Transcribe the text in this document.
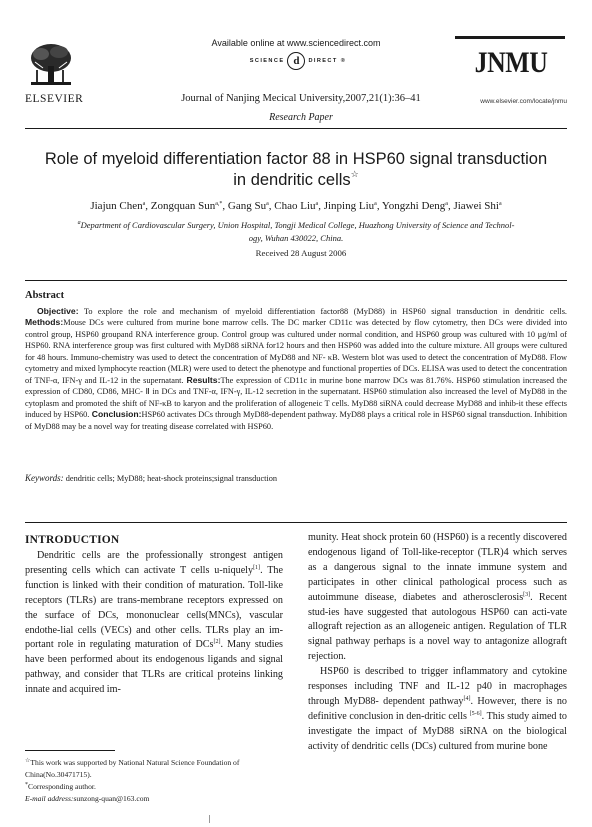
ELSEVIER
Available online at www.sciencedirect.com
SCIENCE d DIRECT ®
Journal of Nanjing Mecical University,2007,21(1):36–41
Research Paper
JNMU
www.elsevier.com/locate/jnmu
Role of myeloid differentiation factor 88 in HSP60 signal transduction
in dendritic cells☆
Jiajun Chen$^a$, Zongquan Sun$^{a,*}$, Gang Su$^a$, Chao Liu$^a$, Jinping Liu$^a$, Yongzhi Deng$^a$, Jiawei Shi$^a$
$^a$Department of Cardiovascular Surgery, Union Hospital, Tongji Medical College, Huazhong University of Science and Technol-
ogy, Wuhan 430022, China.
Received 28 August 2006
Abstract
Objective: To explore the role and mechanism of myeloid differentiation factor88 (MyD88) in HSP60 signal transduction in dendritic cells. Methods:Mouse DCs were cultured from murine bone marrow cells. The DC marker CD11c was detected by flow cytometry, then DCs were divided into control group, HSP60 groupand RNA interference group. Control group was cultured under normal condition, and HSP60 group was cultured with 10 μg/ml of HSP60. RNA interference group was first cultured with MyD88 siRNA for12 hours and then HSP60 was added into the culture mixture. All groups were cultured for 48 hours. Immuno-chemistry was used to detect the concentration of MyD88 and NF- κB. Western blot was used to detect the concentration of MyD88. Flow cytometry and mixed lymphocyte reaction (MLR) were used to detect the phenotype and functional properties of DCs. ELISA was used to detect the concentration of TNF-α, IFN-γ and IL-12 in the supernatant. Results:The expression of CD11c in murine bone marrow DCs was 81.76%. HSP60 stimulation increased the expression of CD80, CD86, MHC- Ⅱ in DCs and TNF-α, IFN-γ, IL-12 secretion in the supernatant. HSP60 stimulation also increased the level of MyD88 in the cytoplasm and promoted the shift of NF-κB to karyon and the proliferation of allogeneic T cells. MyD88 siRNA could decrease MyD88 and inhib-it these effects induced by HSP60. Conclusion:HSP60 activates DCs through MyD88-dependent pathway. MyD88 plays a critical role in HSP60 signal transduction. Inhibition of MyD88 may be a novel way for treating disease correlated with HSP60.
Keywords: dendritic cells; MyD88; heat-shock proteins;signal transduction
INTRODUCTION

Dendritic cells are the professionally strongest antigen presenting cells which can activate T cells u-niquely[1]. The function is linked with their condition of maturation. Toll-like receptors (TLRs) are trans-membrane receptors expressed on the surface of DCs, mononuclear cells(MNCs), vascular endothe-lial cells (VECs) and other cells. TLRs play an im-portant role in regulating maturation of DCs[2]. Many studies have been performed about its endogenous ligands and signal pathway, and consider that TLRs are critical proteins linking innate and acquired im-

munity. Heat shock protein 60 (HSP60) is a recently discovered endogenous ligand of Toll-like-receptor (TLR)4 which serves as a dangerous signal to the innate immune system and participates in other clinical pathological process such as autoimmune disease, diabetes and atherosclerosis[3]. Recent stud-ies have suggested that autologous HSP60 can acti-vate allograft rejection as an allogeneic antigen. Regulation of TLR signal pathway perhaps is a novel way to antagonize allograft rejection.

HSP60 is described to trigger inflammatory and cytokine responses including TNF and IL-12 p40 in macrophages through MyD88- dependent pathway[4]. However, there is no definitive conclusion in den-dritic cells [5-6]. This study aimed to investigate the impact of MyD88 siRNA on the biological activity of dendritic cells (DCs) cultured from murine bone

☆This work was supported by National Natural Science Foundation of China(No.30471715).
*Corresponding author.
E-mail address:sunzong-quan@163.com
